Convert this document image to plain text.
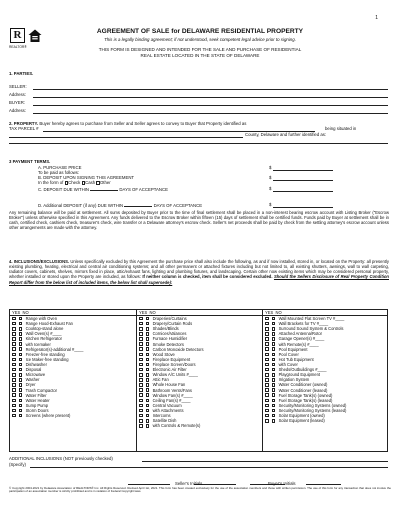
1
R
REALTOR®
AGREEMENT OF SALE for DELAWARE RESIDENTIAL PROPERTY
This is a legally binding agreement; if not understood, seek competent legal advice prior to signing.
THIS FORM IS DESIGNED AND INTENDED FOR THE SALE AND PURCHASE OF RESIDENTIAL
REAL ESTATE LOCATED IN THE STATE OF DELAWARE
1. PARTIES.
SELLER:
Address:
BUYER:
Address:
2. PROPERTY. Buyer hereby agrees to purchase from Seller and Seller agrees to convey to Buyer that Property identified as
TAX PARCEL #	being situated in
County, Delaware and further identified as:
3 PAYMENT TERMS.
A. PURCHASE PRICE	$
To be paid as follows:
B. DEPOSIT UPON SIGNING THIS AGREEMENT	$
In the form of Check Cash Other
C. DEPOSIT DUE WITHIN	DAYS OF ACCEPTANCE	$
D. Additional DEPOSIT (if any) DUE WITHIN	DAYS OF ACCEPTANCE	$
Any remaining balance will be paid at settlement. All sums deposited by Buyer prior to the time of final settlement shall be placed in a non-interest bearing escrow account with Listing Broker ("Escrow Broker") unless otherwise specified in this Agreement. Any funds delivered to the Escrow Broker within fifteen (15) days of settlement shall be certified funds. Funds paid by Buyer at settlement shall be in cash, certified check, cashiers check, treasurer's check, wire transfer or a Delaware attorney's escrow check. Seller's net proceeds shall be paid by check from the settling attorney's escrow account unless other arrangements are made with the attorney.
4. INCLUSIONS/EXCLUSIONS. Unless specifically excluded by this Agreement the purchase price shall also include the following, as and if now installed, stored in, or located on the Property: all presently existing plumbing, heating, electrical and central air conditioning systems; and all other permanent or attached fixtures including but not limited to, all existing shutters, awnings, wall to wall carpeting, radiator covers, cabinets, shelves, mirrors fixed in place, attic/exhaust fans, lighting and plumbing fixtures, and landscaping. Certain other now existing items which may be considered personal property, whether installed or stored upon the Property are included, as follows: If neither column is checked, item shall be considered excluded. Should the Sellers Disclosure of Real Property Condition Report differ from the below list of included items, the below list shall supersede):
YES NO	YES NO	YES NO
Range with Oven
Range Hood-Exhaust Fan
Cooktop-stand alone
Wall Oven(s) #____
Kitchen Refrigerator
with Icemaker
Refrigerator(s)-additional #____
Freezer-free standing
Ice Maker-free standing
Dishwasher
Disposal
Microwave
Washer
Dryer
Trash Compactor
Water Filter
Water Heater
Sump Pump
Storm Doors
Screens (where present)
Draperies/Curtains
Drapery/Curtain Rods
Shades/Blinds
Cornices/Valances
Furnace Humidifier
Smoke Detectors
Carbon Monoxide Detectors
Wood Stove
Fireplace Equipment
Fireplace Screen/Doors
Electronic Air Filter
Window A/C Units #____
Attic Fan
Whole House Fan
Bathroom Vents/Fans
Window Fan(s) #____
Ceiling Fan(s) #____
Central Vacuum
with Attachments
Intercoms
Satellite Dish
with Controls & Remote(s)
Wall Mounted Flat Screen TV #____
Wall Brackets for TV #____
Surround Sound System & Controls
Attached Antenna/Rotor
Garage Opener(s) #____
with Remote(s) #____
Pool Equipment
Pool Cover
Hot Tub Equipment
with Cover
Sheds/Outbuildings #____
Playground Equipment
Irrigation System
Water Conditioner (owned)
Water Conditioner (leased)
Fuel Storage Tank(s) (owned)
Fuel Storage Tank(s) (leased)
Security/Monitoring Systems (owned)
Security/Monitoring Systems (leased)
Solar Equipment (owned)
Solar Equipment (leased)
ADDITIONAL INCLUSIONS (NOT previously checked)
(Specify)
Seller's Initials	Buyer's Initials
© Copyright 2004-2021 by Delaware Association of REALTORS® Inc. All Rights Reserved. Revised April 1st, 2021. This form has been created exclusively for the use of the association members and those with written permission. The use of this form for any transaction that does not involve the participation of an association member is strictly prohibited and is in violation of Federal Copyright laws.
